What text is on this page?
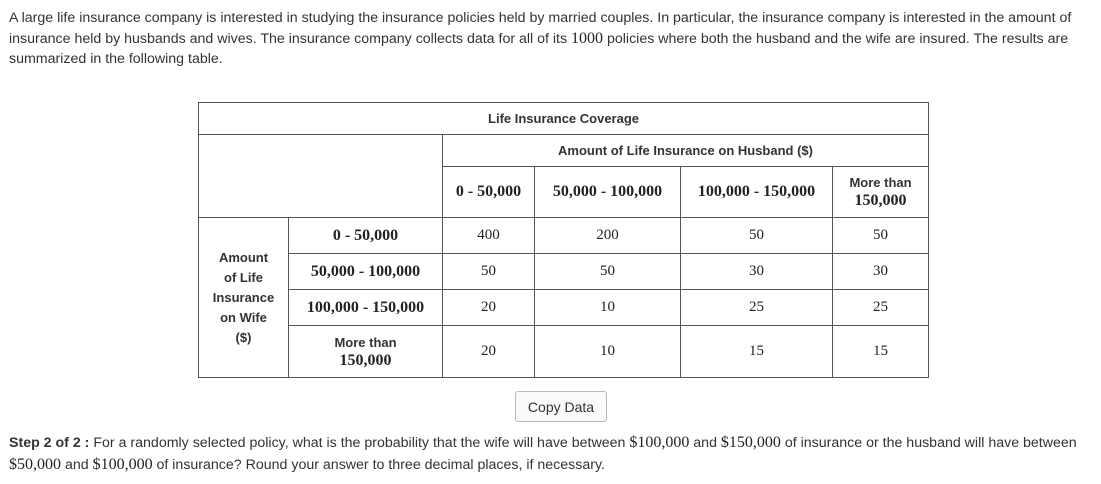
A large life insurance company is interested in studying the insurance policies held by married couples. In particular, the insurance company is interested in the amount of insurance held by husbands and wives. The insurance company collects data for all of its 1000 policies where both the husband and the wife are insured. The results are summarized in the following table.

Life Insurance Coverage					
		Amount of Life Insurance on Husband ($)			
		0 - 50,000	50,000 - 100,000	100,000 - 150,000	More than
150,000

Amount
of Life
Insurance
on Wife
($)	0 - 50,000	400	200	50	50
	50,000 - 100,000	50	50	30	30
	100,000 - 150,000	20	10	25	25

	More than
150,000	20	10	15	15
Copy Data

Step 2 of 2 : For a randomly selected policy, what is the probability that the wife will have between $100,000 and $150,000 of insurance or the husband will have between $50,000 and $100,000 of insurance? Round your answer to three decimal places, if necessary.
